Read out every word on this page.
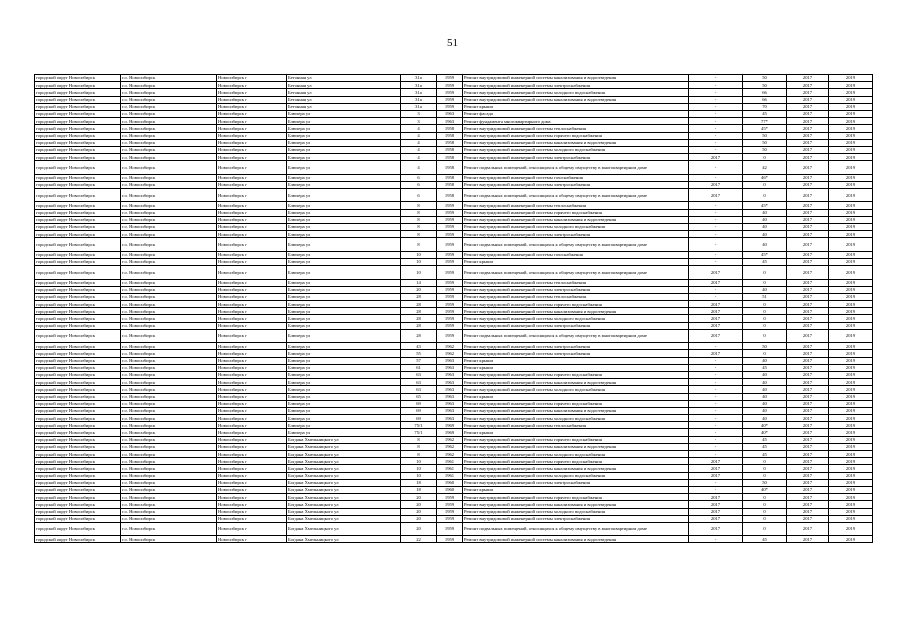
51
городской округ Новосибирск	г.о. Новосибирск	Новосибирск г	Бетонная ул	31а	1959	Ремонт внутридомовой инженерной системы канализования и водоотведения	-	50	2017	2019
городской округ Новосибирск	г.о. Новосибирск	Новосибирск г	Бетонная ул	31а	1959	Ремонт внутридомовой инженерной системы электроснабжения	-	50	2017	2019
городской округ Новосибирск	г.о. Новосибирск	Новосибирск г	Бетонная ул	31а	1959	Ремонт внутридомовой инженерной системы холодного водоснабжения	-	66	2017	2019
городской округ Новосибирск	г.о. Новосибирск	Новосибирск г	Бетонная ул	31а	1959	Ремонт внутридомовой инженерной системы канализования и водоотведения	-	66	2017	2019
городской округ Новосибирск	г.о. Новосибирск	Новосибирск г	Бетонная ул	31а	1959	Ремонт крыши	-	70	2017	2019
городской округ Новосибирск	г.о. Новосибирск	Новосибирск г	Блюхера ул	3	1963	Ремонт фасада	-	45	2017	2019
городской округ Новосибирск	г.о. Новосибирск	Новосибирск г	Блюхера ул	3	1963	Ремонт фундамента многоквартирного дома	-	77*	2017	2019
городской округ Новосибирск	г.о. Новосибирск	Новосибирск г	Блюхера ул	4	1958	Ремонт внутридомовой инженерной системы теплоснабжения	-	45*	2017	2019
городской округ Новосибирск	г.о. Новосибирск	Новосибирск г	Блюхера ул	4	1958	Ремонт внутридомовой инженерной системы горячего водоснабжения	-	50	2017	2019
городской округ Новосибирск	г.о. Новосибирск	Новосибирск г	Блюхера ул	4	1958	Ремонт внутридомовой инженерной системы канализования и водоотведения	-	50	2017	2019
городской округ Новосибирск	г.о. Новосибирск	Новосибирск г	Блюхера ул	4	1958	Ремонт внутридомовой инженерной системы холодного водоснабжения	-	50	2017	2019
городской округ Новосибирск	г.о. Новосибирск	Новосибирск г	Блюхера ул	4	1958	Ремонт внутридомовой инженерной системы электроснабжения	2017	0	2017	2019
городской округ Новосибирск	г.о. Новосибирск	Новосибирск г	Блюхера ул	4	1958	Ремонт подвальных помещений, относящихся к общему имуществу в многоквартирном доме	-	42	2017	2019
городской округ Новосибирск	г.о. Новосибирск	Новосибирск г	Блюхера ул	6	1958	Ремонт внутридомовой инженерной системы газоснабжения	-	46*	2017	2019
городской округ Новосибирск	г.о. Новосибирск	Новосибирск г	Блюхера ул	6	1958	Ремонт внутридомовой инженерной системы электроснабжения	2017	0	2017	2019
городской округ Новосибирск	г.о. Новосибирск	Новосибирск г	Блюхера ул	6	1958	Ремонт подвальных помещений, относящихся к общему имуществу в многоквартирном доме	2017	0	2017	2019
городской округ Новосибирск	г.о. Новосибирск	Новосибирск г	Блюхера ул	8	1959	Ремонт внутридомовой инженерной системы теплоснабжения	-	45*	2017	2019
городской округ Новосибирск	г.о. Новосибирск	Новосибирск г	Блюхера ул	8	1959	Ремонт внутридомовой инженерной системы горячего водоснабжения	-	40	2017	2019
городской округ Новосибирск	г.о. Новосибирск	Новосибирск г	Блюхера ул	8	1959	Ремонт внутридомовой инженерной системы канализования и водоотведения	-	40	2017	2019
городской округ Новосибирск	г.о. Новосибирск	Новосибирск г	Блюхера ул	8	1959	Ремонт внутридомовой инженерной системы холодного водоснабжения	-	40	2017	2019
городской округ Новосибирск	г.о. Новосибирск	Новосибирск г	Блюхера ул	8	1959	Ремонт внутридомовой инженерной системы электроснабжения	-	40	2017	2019
городской округ Новосибирск	г.о. Новосибирск	Новосибирск г	Блюхера ул	8	1959	Ремонт подвальных помещений, относящихся к общему имуществу в многоквартирном доме	-	40	2017	2019
городской округ Новосибирск	г.о. Новосибирск	Новосибирск г	Блюхера ул	10	1959	Ремонт внутридомовой инженерной системы газоснабжения	-	45*	2017	2019
городской округ Новосибирск	г.о. Новосибирск	Новосибирск г	Блюхера ул	10	1959	Ремонт крыши	-	45	2017	2019
городской округ Новосибирск	г.о. Новосибирск	Новосибирск г	Блюхера ул	10	1959	Ремонт подвальных помещений, относящихся к общему имуществу в многоквартирном доме	2017	0	2017	2019
городской округ Новосибирск	г.о. Новосибирск	Новосибирск г	Блюхера ул	14	1959	Ремонт внутридомовой инженерной системы теплоснабжения	2017	0	2017	2019
городской округ Новосибирск	г.о. Новосибирск	Новосибирск г	Блюхера ул	20	1959	Ремонт внутридомовой инженерной системы электроснабжения	-	40	2017	2019
городской округ Новосибирск	г.о. Новосибирск	Новосибирск г	Блюхера ул	28	1959	Ремонт внутридомовой инженерной системы теплоснабжения	-	51	2017	2019
городской округ Новосибирск	г.о. Новосибирск	Новосибирск г	Блюхера ул	28	1959	Ремонт внутридомовой инженерной системы горячего водоснабжения	2017	0	2017	2019
городской округ Новосибирск	г.о. Новосибирск	Новосибирск г	Блюхера ул	28	1959	Ремонт внутридомовой инженерной системы канализования и водоотведения	2017	0	2017	2019
городской округ Новосибирск	г.о. Новосибирск	Новосибирск г	Блюхера ул	28	1959	Ремонт внутридомовой инженерной системы холодного водоснабжения	2017	0	2017	2019
городской округ Новосибирск	г.о. Новосибирск	Новосибирск г	Блюхера ул	28	1959	Ремонт внутридомовой инженерной системы электроснабжения	2017	0	2017	2019
городской округ Новосибирск	г.о. Новосибирск	Новосибирск г	Блюхера ул	28	1959	Ремонт подвальных помещений, относящихся к общему имуществу в многоквартирном доме	2017	0	2017	2019
городской округ Новосибирск	г.о. Новосибирск	Новосибирск г	Блюхера ул	43	1962	Ремонт внутридомовой инженерной системы электроснабжения	-	50	2017	2019
городской округ Новосибирск	г.о. Новосибирск	Новосибирск г	Блюхера ул	55	1962	Ремонт внутридомовой инженерной системы электроснабжения	2017	0	2017	2019
городской округ Новосибирск	г.о. Новосибирск	Новосибирск г	Блюхера ул	57	1963	Ремонт крыши	-	40	2017	2019
городской округ Новосибирск	г.о. Новосибирск	Новосибирск г	Блюхера ул	61	1963	Ремонт крыши	-	45	2017	2019
городской округ Новосибирск	г.о. Новосибирск	Новосибирск г	Блюхера ул	63	1963	Ремонт внутридомовой инженерной системы горячего водоснабжения	-	40	2017	2019
городской округ Новосибирск	г.о. Новосибирск	Новосибирск г	Блюхера ул	63	1963	Ремонт внутридомовой инженерной системы канализования и водоотведения	-	40	2017	2019
городской округ Новосибирск	г.о. Новосибирск	Новосибирск г	Блюхера ул	63	1963	Ремонт внутридомовой инженерной системы холодного водоснабжения	-	40	2017	2019
городской округ Новосибирск	г.о. Новосибирск	Новосибирск г	Блюхера ул	65	1963	Ремонт крыши	-	40	2017	2019
городской округ Новосибирск	г.о. Новосибирск	Новосибирск г	Блюхера ул	69	1963	Ремонт внутридомовой инженерной системы горячего водоснабжения	-	40	2017	2019
городской округ Новосибирск	г.о. Новосибирск	Новосибирск г	Блюхера ул	69	1963	Ремонт внутридомовой инженерной системы канализования и водоотведения	-	40	2017	2019
городской округ Новосибирск	г.о. Новосибирск	Новосибирск г	Блюхера ул	69	1963	Ремонт внутридомовой инженерной системы холодного водоснабжения	-	40	2017	2019
городской округ Новосибирск	г.о. Новосибирск	Новосибирск г	Блюхера ул	75/1	1969	Ремонт внутридомовой инженерной системы теплоснабжения	-	40*	2017	2019
городской округ Новосибирск	г.о. Новосибирск	Новосибирск г	Блюхера ул	75/1	1969	Ремонт крыши	-	40*	2017	2019
городской округ Новосибирск	г.о. Новосибирск	Новосибирск г	Богдана Хмельницкого ул	8	1962	Ремонт внутридомовой инженерной системы горячего водоснабжения	-	45	2017	2019
городской округ Новосибирск	г.о. Новосибирск	Новосибирск г	Богдана Хмельницкого ул	8	1962	Ремонт внутридомовой инженерной системы канализования и водоотведения	-	45	2017	2019
городской округ Новосибирск	г.о. Новосибирск	Новосибирск г	Богдана Хмельницкого ул	8	1962	Ремонт внутридомовой инженерной системы холодного водоснабжения	-	45	2017	2019
городской округ Новосибирск	г.о. Новосибирск	Новосибирск г	Богдана Хмельницкого ул	10	1961	Ремонт внутридомовой инженерной системы горячего водоснабжения	2017	0	2017	2019
городской округ Новосибирск	г.о. Новосибирск	Новосибирск г	Богдана Хмельницкого ул	10	1961	Ремонт внутридомовой инженерной системы канализования и водоотведения	2017	0	2017	2019
городской округ Новосибирск	г.о. Новосибирск	Новосибирск г	Богдана Хмельницкого ул	10	1961	Ремонт внутридомовой инженерной системы холодного водоснабжения	2017	0	2017	2019
городской округ Новосибирск	г.о. Новосибирск	Новосибирск г	Богдана Хмельницкого ул	18	1960	Ремонт внутридомовой инженерной системы электроснабжения	-	50	2017	2019
городской округ Новосибирск	г.о. Новосибирск	Новосибирск г	Богдана Хмельницкого ул	18	1960	Ремонт крыши	-	40*	2017	2019
городской округ Новосибирск	г.о. Новосибирск	Новосибирск г	Богдана Хмельницкого ул	20	1959	Ремонт внутридомовой инженерной системы горячего водоснабжения	2017	0	2017	2019
городской округ Новосибирск	г.о. Новосибирск	Новосибирск г	Богдана Хмельницкого ул	20	1959	Ремонт внутридомовой инженерной системы канализования и водоотведения	2017	0	2017	2019
городской округ Новосибирск	г.о. Новосибирск	Новосибирск г	Богдана Хмельницкого ул	20	1959	Ремонт внутридомовой инженерной системы холодного водоснабжения	2017	0	2017	2019
городской округ Новосибирск	г.о. Новосибирск	Новосибирск г	Богдана Хмельницкого ул	20	1959	Ремонт внутридомовой инженерной системы электроснабжения	2017	0	2017	2019
городской округ Новосибирск	г.о. Новосибирск	Новосибирск г	Богдана Хмельницкого ул	20	1959	Ремонт подвальных помещений, относящихся к общему имуществу в многоквартирном доме	2017	0	2017	2019
городской округ Новосибирск	г.о. Новосибирск	Новосибирск г	Богдана Хмельницкого ул	22	1959	Ремонт внутридомовой инженерной системы канализования и водоотведения	-	45	2017	2019
